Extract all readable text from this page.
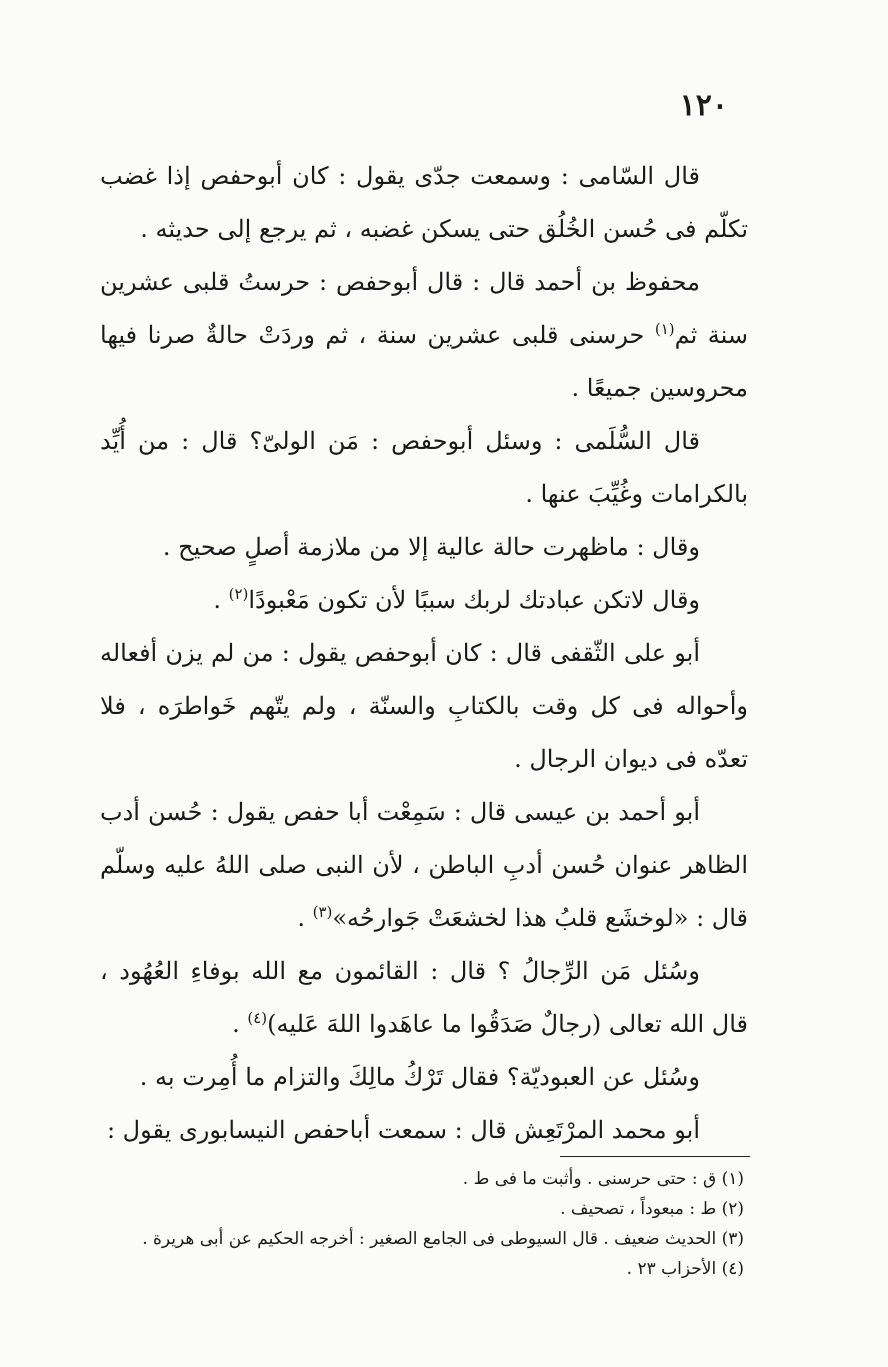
١٢٠

قال السّامى : وسمعت جدّى يقول : كان أبوحفص إذا غضب تكلّم فى حُسن الخُلُق حتى يسكن غضبه ، ثم يرجع إلى حديثه .

محفوظ بن أحمد قال : قال أبوحفص : حرستُ قلبى عشرين سنة ثم$^{(١)}$ حرسنى قلبى عشرين سنة ، ثم وردَتْ حالةٌ صرنا فيها محروسين جميعًا .

قال السُّلَمى : وسئل أبوحفص : مَن الولىّ؟ قال : من أُيِّد بالكرامات وغُيِّبَ عنها .

وقال : ماظهرت حالة عالية إلا من ملازمة أصلٍ صحيح .

وقال لاتكن عبادتك لربك سببًا لأن تكون مَعْبودًا$^{(٢)}$ .

أبو على الثّقفى قال : كان أبوحفص يقول : من لم يزن أفعاله وأحواله فى كل وقت بالكتابِ والسنّة ، ولم يتّهم خَواطرَه ، فلا تعدّه فى ديوان الرجال .

أبو أحمد بن عيسى قال : سَمِعْت أبا حفص يقول : حُسن أدب الظاهر عنوان حُسن أدبِ الباطن ، لأن النبى صلى اللهُ عليه وسلّم قال : «لوخشَع قلبُ هذا لخشعَتْ جَوارحُه»$^{(٣)}$ .

وسُئل مَن الرِّجالُ ؟ قال : القائمون مع الله بوفاءِ العُهُود ، قال الله تعالى (رجالٌ صَدَقُوا ما عاهَدوا اللهَ عَليه)$^{(٤)}$ .

وسُئل عن العبوديّة؟ فقال تَرْكُ مالِكَ والتزام ما أُمِرت به .

أبو محمد المرْتَعِش قال : سمعت أباحفص النيسابورى يقول :

(١) ق : حتى حرسنى . وأثبت ما فى ط .

(٢) ط : مبعوداً ، تصحيف .

(٣) الحديث ضعيف . قال السيوطى فى الجامع الصغير : أخرجه الحكيم عن أبى هريرة .

(٤) الأحزاب ٢٣ .
